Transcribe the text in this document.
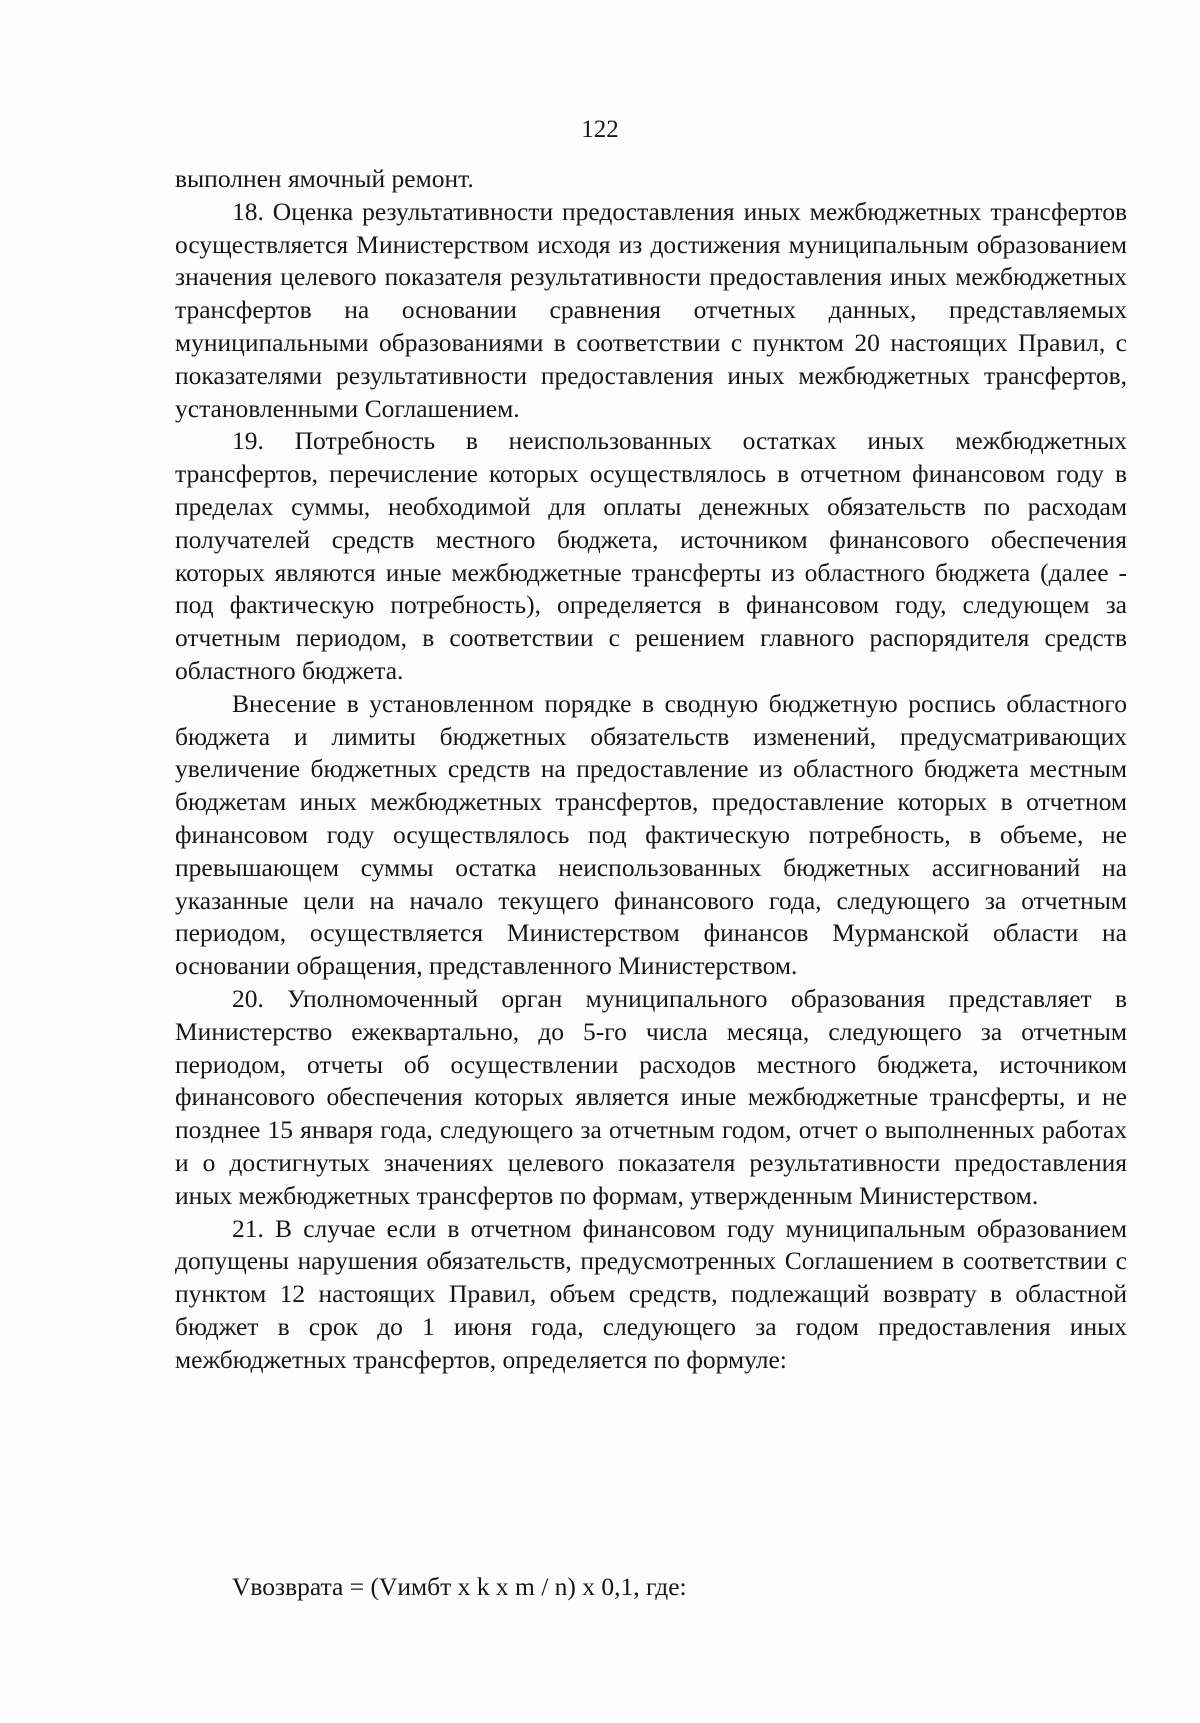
122

выполнен ямочный ремонт.

18. Оценка результативности предоставления иных межбюджетных трансфертов осуществляется Министерством исходя из достижения муниципальным образованием значения целевого показателя результативности предоставления иных межбюджетных трансфертов на основании сравнения отчетных данных, представляемых муниципальными образованиями в соответствии с пунктом 20 настоящих Правил, с показателями результативности предоставления иных межбюджетных трансфертов, установленными Соглашением.

19. Потребность в неиспользованных остатках иных межбюджетных трансфертов, перечисление которых осуществлялось в отчетном финансовом году в пределах суммы, необходимой для оплаты денежных обязательств по расходам получателей средств местного бюджета, источником финансового обеспечения которых являются иные межбюджетные трансферты из областного бюджета (далее - под фактическую потребность), определяется в финансовом году, следующем за отчетным периодом, в соответствии с решением главного распорядителя средств областного бюджета.

Внесение в установленном порядке в сводную бюджетную роспись областного бюджета и лимиты бюджетных обязательств изменений, предусматривающих увеличение бюджетных средств на предоставление из областного бюджета местным бюджетам иных межбюджетных трансфертов, предоставление которых в отчетном финансовом году осуществлялось под фактическую потребность, в объеме, не превышающем суммы остатка неиспользованных бюджетных ассигнований на указанные цели на начало текущего финансового года, следующего за отчетным периодом, осуществляется Министерством финансов Мурманской области на основании обращения, представленного Министерством.

20. Уполномоченный орган муниципального образования представляет в Министерство ежеквартально, до 5-го числа месяца, следующего за отчетным периодом, отчеты об осуществлении расходов местного бюджета, источником финансового обеспечения которых является иные межбюджетные трансферты, и не позднее 15 января года, следующего за отчетным годом, отчет о выполненных работах и о достигнутых значениях целевого показателя результативности предоставления иных межбюджетных трансфертов по формам, утвержденным Министерством.

21. В случае если в отчетном финансовом году муниципальным образованием допущены нарушения обязательств, предусмотренных Соглашением в соответствии с пунктом 12 настоящих Правил, объем средств, подлежащий возврату в областной бюджет в срок до 1 июня года, следующего за годом предоставления иных межбюджетных трансфертов, определяется по формуле:

Vвозврата = (Vимбт x k x m / n) x 0,1, где:
